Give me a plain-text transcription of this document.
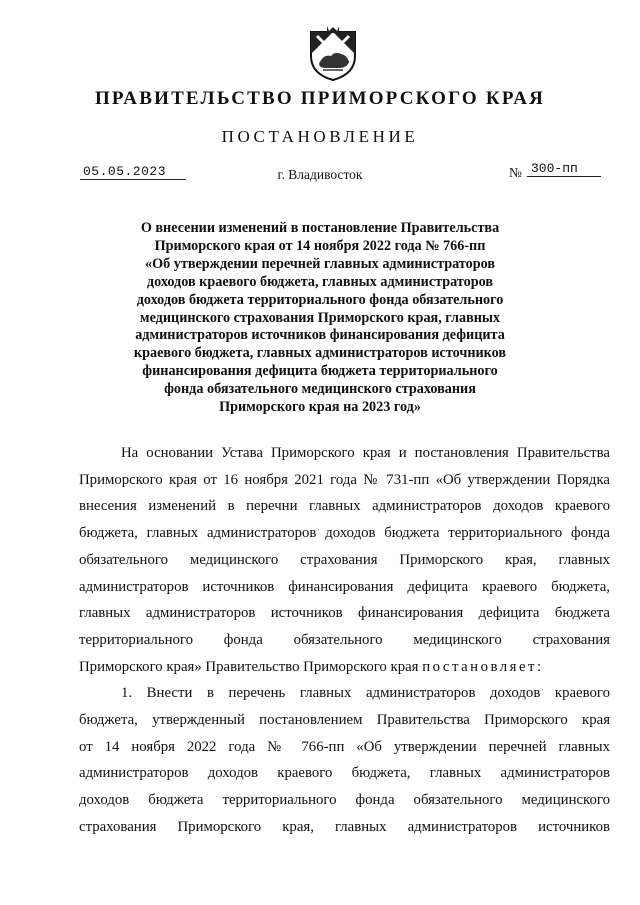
ПРАВИТЕЛЬСТВО ПРИМОРСКОГО КРАЯ
ПОСТАНОВЛЕНИЕ
05.05.2023	г. Владивосток	№ 300-пп
О внесении изменений в постановление Правительства
Приморского края от 14 ноября 2022 года № 766-пп
«Об утверждении перечней главных администраторов
доходов краевого бюджета, главных администраторов
доходов бюджета территориального фонда обязательного
медицинского страхования Приморского края, главных
администраторов источников финансирования дефицита
краевого бюджета, главных администраторов источников
финансирования дефицита бюджета территориального
фонда обязательного медицинского страхования
Приморского края на 2023 год»
На основании Устава Приморского края и постановления Правительства
Приморского края от 16 ноября 2021 года № 731-пп «Об утверждении Порядка
внесения изменений в перечни главных администраторов доходов краевого
бюджета, главных администраторов доходов бюджета территориального фонда
обязательного медицинского страхования Приморского края, главных
администраторов источников финансирования дефицита краевого бюджета,
главных администраторов источников финансирования дефицита бюджета
территориального фонда обязательного медицинского страхования
Приморского края» Правительство Приморского края постановляет:
1. Внести в перечень главных администраторов доходов краевого
бюджета, утвержденный постановлением Правительства Приморского края
от 14 ноября 2022 года № 766-пп «Об утверждении перечней главных
администраторов доходов краевого бюджета, главных администраторов
доходов бюджета территориального фонда обязательного медицинского
страхования Приморского края, главных администраторов источников
